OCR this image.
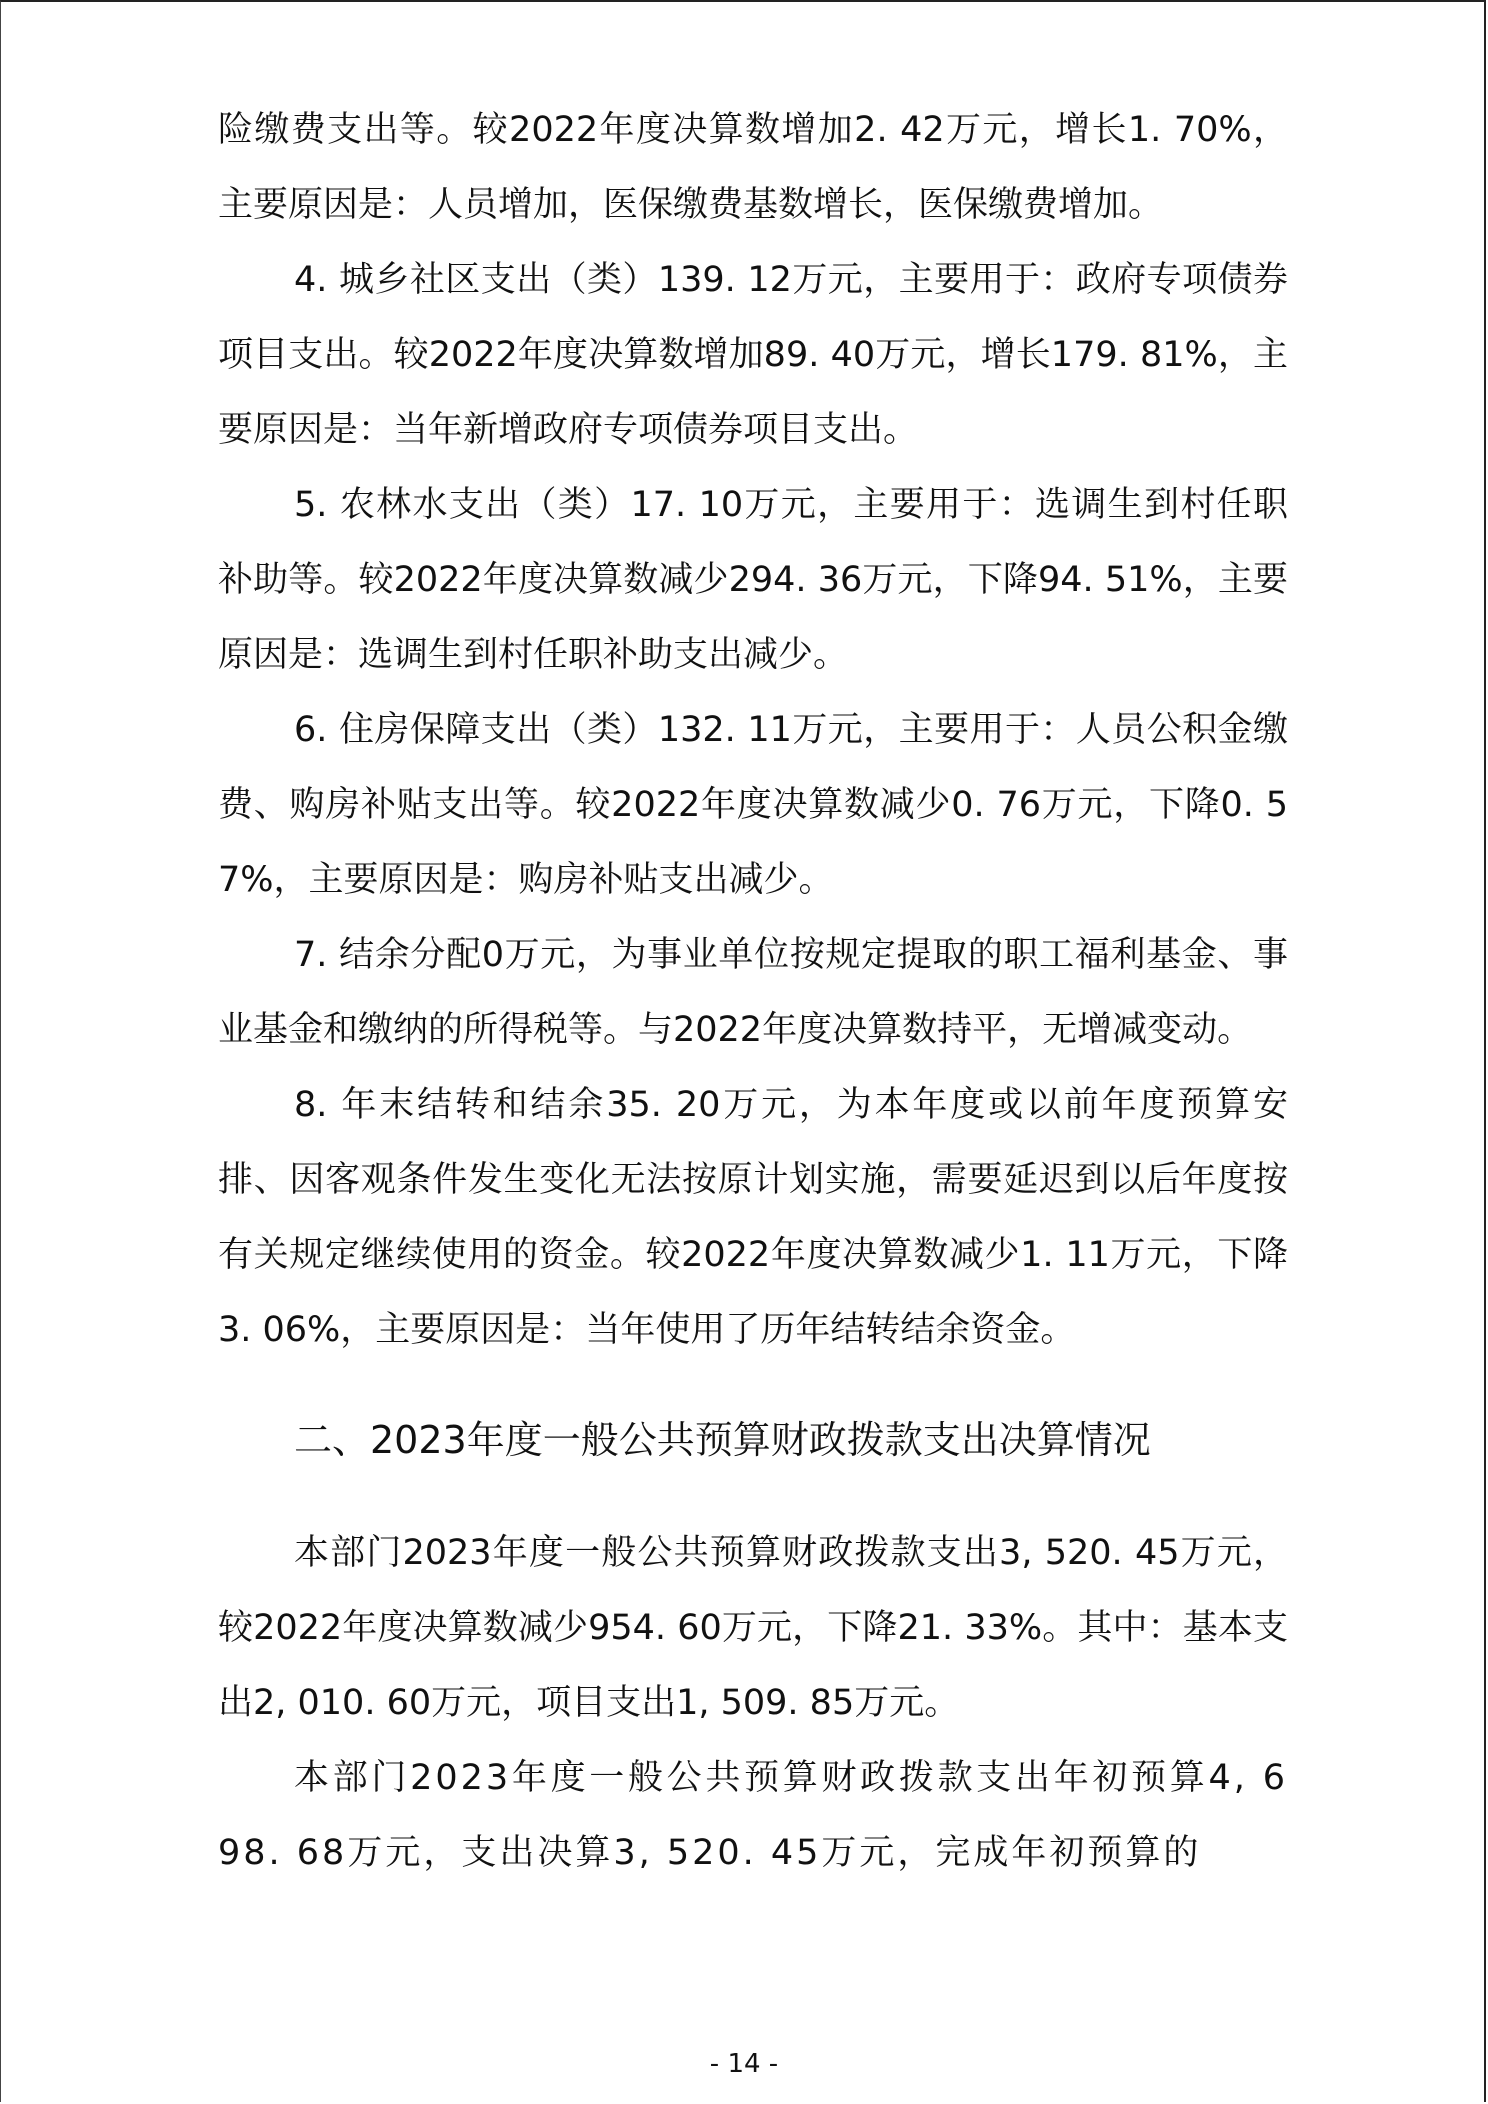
险缴费支出等。较2022年度决算数增加2. 42万元，增长1. 70%，主要原因是：人员增加，医保缴费基数增长，医保缴费增加。

4. 城乡社区支出（类）139. 12万元，主要用于：政府专项债券项目支出。较2022年度决算数增加89. 40万元，增长179. 81%，主要原因是：当年新增政府专项债券项目支出。

5. 农林水支出（类）17. 10万元，主要用于：选调生到村任职补助等。较2022年度决算数减少294. 36万元，下降94. 51%，主要原因是：选调生到村任职补助支出减少。

6. 住房保障支出（类）132. 11万元，主要用于：人员公积金缴费、购房补贴支出等。较2022年度决算数减少0. 76万元，下降0. 57%，主要原因是：购房补贴支出减少。

7. 结余分配0万元，为事业单位按规定提取的职工福利基金、事业基金和缴纳的所得税等。与2022年度决算数持平，无增减变动。

8. 年末结转和结余35. 20万元，为本年度或以前年度预算安排、因客观条件发生变化无法按原计划实施，需要延迟到以后年度按有关规定继续使用的资金。较2022年度决算数减少1. 11万元，下降3. 06%，主要原因是：当年使用了历年结转结余资金。

二、2023年度一般公共预算财政拨款支出决算情况

本部门2023年度一般公共预算财政拨款支出3, 520. 45万元，较2022年度决算数减少954. 60万元，下降21. 33%。其中：基本支出2, 010. 60万元，项目支出1, 509. 85万元。

本部门2023年度一般公共预算财政拨款支出年初预算4, 698. 68万元，支出决算3, 520. 45万元，完成年初预算的

- 14 -
